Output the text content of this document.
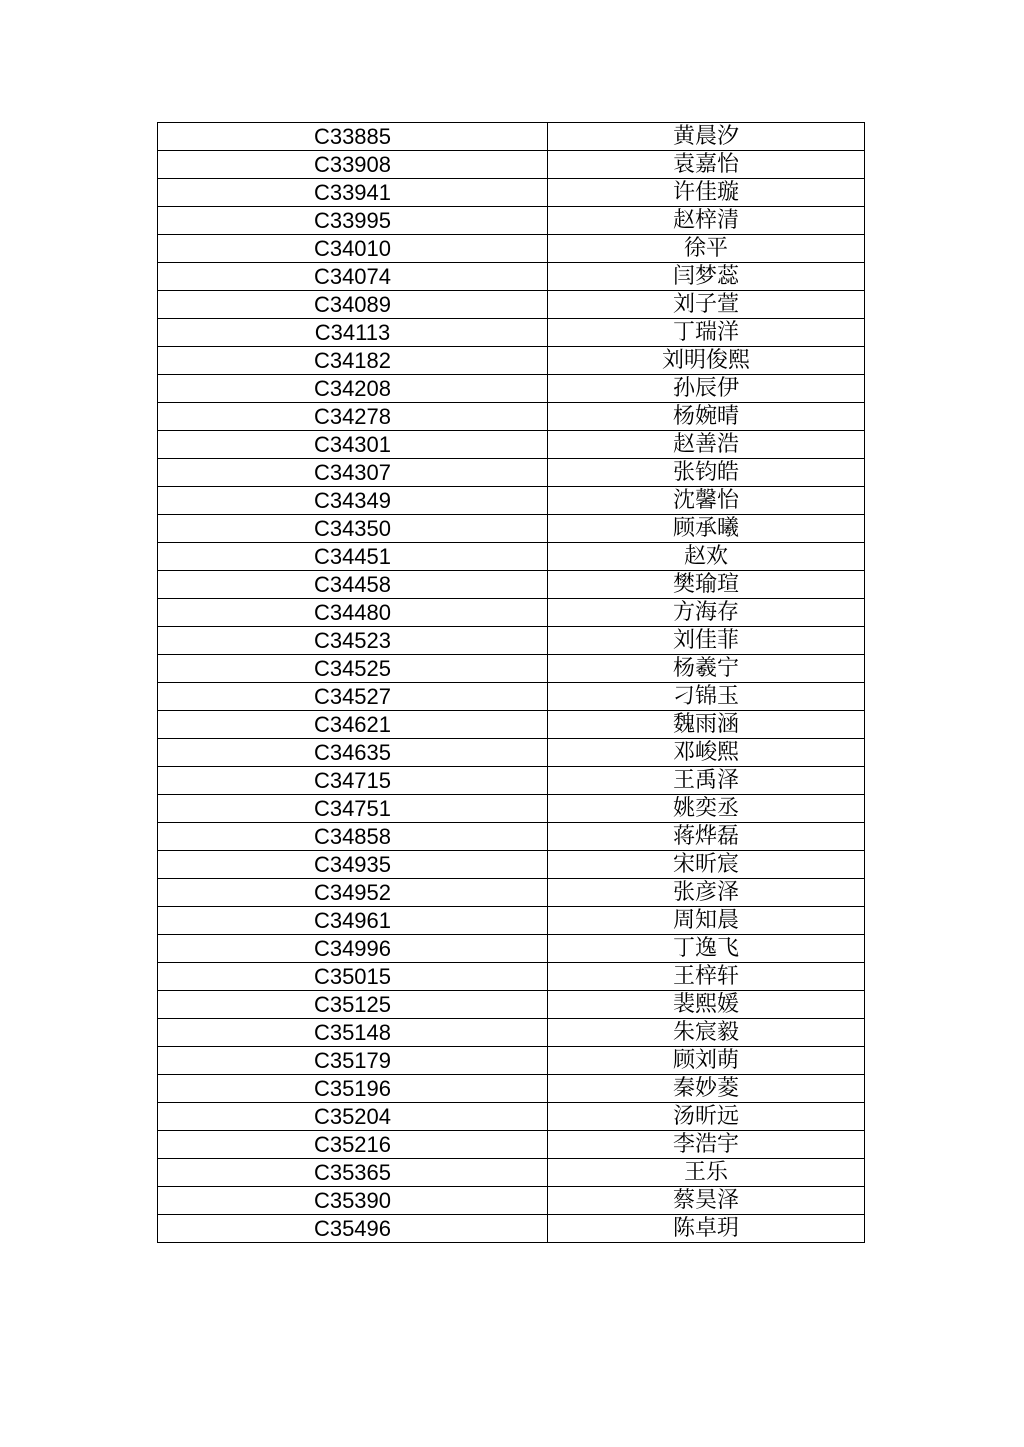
C33885	黄晨汐
C33908	袁嘉怡
C33941	许佳璇
C33995	赵梓清
C34010	徐平
C34074	闫梦蕊
C34089	刘子萱
C34113	丁瑞洋
C34182	刘明俊熙
C34208	孙辰伊
C34278	杨婉晴
C34301	赵善浩
C34307	张钧皓
C34349	沈馨怡
C34350	顾承曦
C34451	赵欢
C34458	樊瑜瑄
C34480	方海存
C34523	刘佳菲
C34525	杨羲宁
C34527	刁锦玉
C34621	魏雨涵
C34635	邓峻熙
C34715	王禹泽
C34751	姚奕丞
C34858	蒋烨磊
C34935	宋昕宸
C34952	张彦泽
C34961	周知晨
C34996	丁逸飞
C35015	王梓轩
C35125	裴熙媛
C35148	朱宸毅
C35179	顾刘萌
C35196	秦妙菱
C35204	汤昕远
C35216	李浩宇
C35365	王乐
C35390	蔡昊泽
C35496	陈卓玥
